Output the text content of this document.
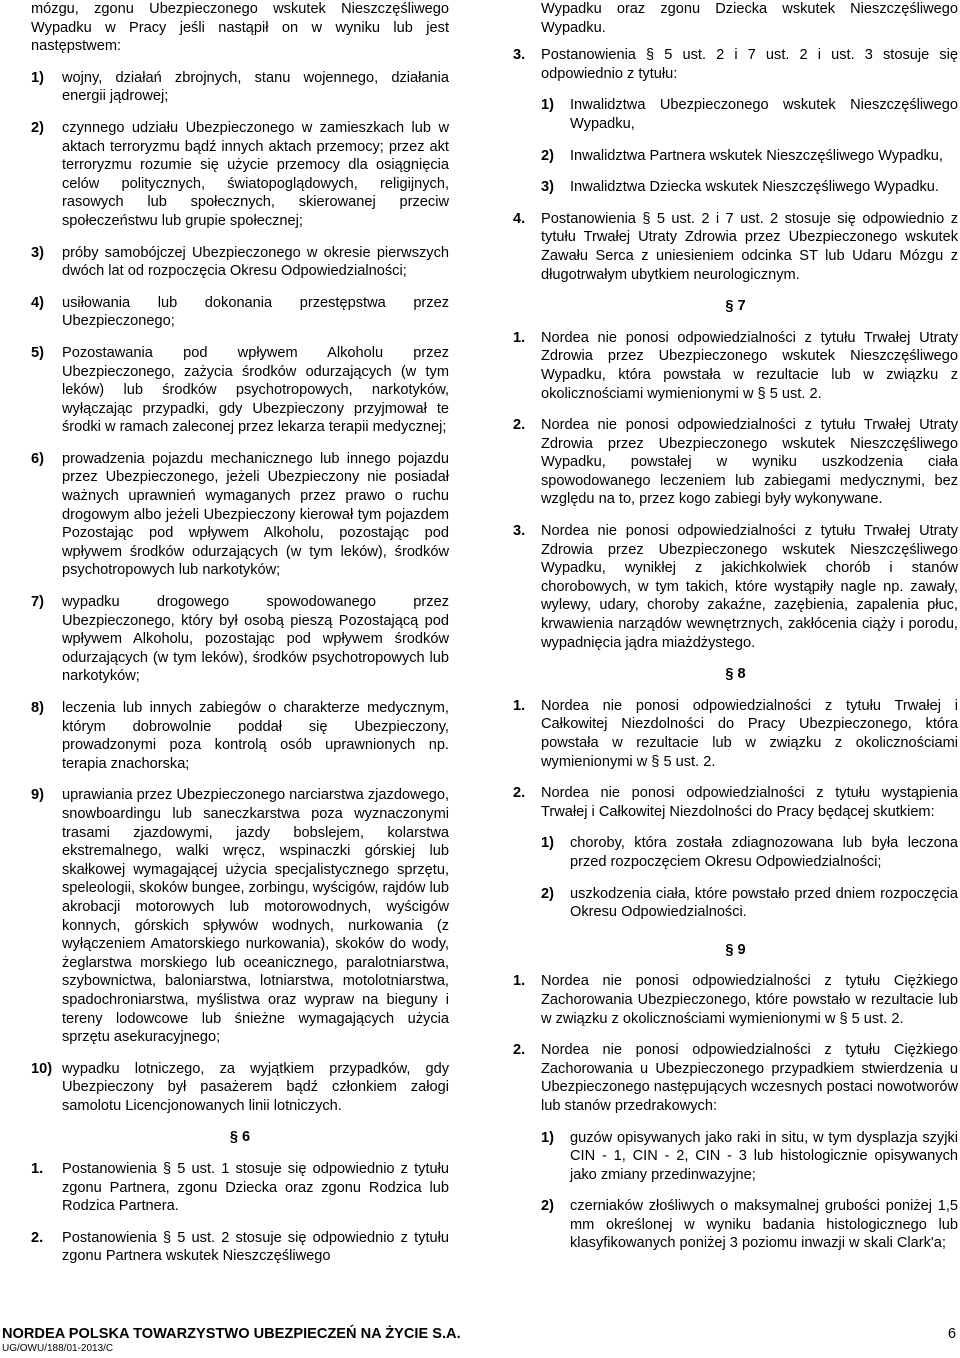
mózgu, zgonu Ubezpieczonego wskutek Nieszczęśliwego Wypadku w Pracy jeśli nastąpił on w wyniku lub jest następstwem:

1)	wojny, działań zbrojnych, stanu wojennego, działania energii jądrowej;

2)	czynnego udziału Ubezpieczonego w zamieszkach lub w aktach terroryzmu bądź innych aktach przemocy; przez akt terroryzmu rozumie się użycie przemocy dla osiągnięcia celów politycznych, światopoglądowych, religijnych, rasowych lub społecznych, skierowanej przeciw społeczeństwu lub grupie społecznej;

3)	próby samobójczej Ubezpieczonego w okresie pierwszych dwóch lat od rozpoczęcia Okresu Odpowiedzialności;

4)	usiłowania lub dokonania przestępstwa przez Ubezpieczonego;

5)	Pozostawania pod wpływem Alkoholu przez Ubezpieczonego, zażycia środków odurzających (w tym leków) lub środków psychotropowych, narkotyków, wyłączając przypadki, gdy Ubezpieczony przyjmował te środki w ramach zaleconej przez lekarza terapii medycznej;

6)	prowadzenia pojazdu mechanicznego lub innego pojazdu przez Ubezpieczonego, jeżeli Ubezpieczony nie posiadał ważnych uprawnień wymaganych przez prawo o ruchu drogowym albo jeżeli Ubezpieczony kierował tym pojazdem Pozostając pod wpływem Alkoholu, pozostając pod wpływem środków odurzających (w tym leków), środków psychotropowych lub narkotyków;

7)	wypadku drogowego spowodowanego przez Ubezpieczonego, który był osobą pieszą Pozostającą pod wpływem Alkoholu, pozostając pod wpływem środków odurzających (w tym leków), środków psychotropowych lub narkotyków;

8)	leczenia lub innych zabiegów o charakterze medycznym, którym dobrowolnie poddał się Ubezpieczony, prowadzonymi poza kontrolą osób uprawnionych np. terapia znachorska;

9)	uprawiania przez Ubezpieczonego narciarstwa zjazdowego, snowboardingu lub saneczkarstwa poza wyznaczonymi trasami zjazdowymi, jazdy bobslejem, kolarstwa ekstremalnego, walki wręcz, wspinaczki górskiej lub skałkowej wymagającej użycia specjalistycznego sprzętu, speleologii, skoków bungee, zorbingu, wyścigów, rajdów lub akrobacji motorowych lub motorowodnych, wyścigów konnych, górskich spływów wodnych, nurkowania (z wyłączeniem Amatorskiego nurkowania), skoków do wody, żeglarstwa morskiego lub oceanicznego, paralotniarstwa, szybownictwa, baloniarstwa, lotniarstwa, motolotniarstwa, spadochroniarstwa, myślistwa oraz wypraw na bieguny i tereny lodowcowe lub śnieżne wymagających użycia sprzętu asekuracyjnego;

10) wypadku lotniczego, za wyjątkiem przypadków, gdy Ubezpieczony był pasażerem bądź członkiem załogi samolotu Licencjonowanych linii lotniczych.

§ 6
1.	Postanowienia § 5 ust. 1 stosuje się odpowiednio z tytułu zgonu Partnera, zgonu Dziecka oraz zgonu Rodzica lub Rodzica Partnera.

2.	Postanowienia § 5 ust. 2 stosuje się odpowiednio z tytułu zgonu Partnera wskutek Nieszczęśliwego

Wypadku oraz zgonu Dziecka wskutek Nieszczęśliwego Wypadku.

3.	Postanowienia § 5 ust. 2 i 7 ust. 2 i ust. 3 stosuje się odpowiednio z tytułu:

1)	Inwalidztwa Ubezpieczonego wskutek Nieszczęśliwego Wypadku,
2)	Inwalidztwa Partnera wskutek Nieszczęśliwego Wypadku,
3)	Inwalidztwa Dziecka wskutek Nieszczęśliwego Wypadku.
4.	Postanowienia § 5 ust. 2 i 7 ust. 2 stosuje się odpowiednio z tytułu Trwałej Utraty Zdrowia przez Ubezpieczonego wskutek Zawału Serca z uniesieniem odcinka ST lub Udaru Mózgu z długotrwałym ubytkiem neurologicznym.

§ 7
1.	Nordea nie ponosi odpowiedzialności z tytułu Trwałej Utraty Zdrowia przez Ubezpieczonego wskutek Nieszczęśliwego Wypadku, która powstała w rezultacie lub w związku z okolicznościami wymienionymi w § 5 ust. 2.

2.	Nordea nie ponosi odpowiedzialności z tytułu Trwałej Utraty Zdrowia przez Ubezpieczonego wskutek Nieszczęśliwego Wypadku, powstałej w wyniku uszkodzenia ciała spowodowanego leczeniem lub zabiegami medycznymi, bez względu na to, przez kogo zabiegi były wykonywane.

3.	Nordea nie ponosi odpowiedzialności z tytułu Trwałej Utraty Zdrowia przez Ubezpieczonego wskutek Nieszczęśliwego Wypadku, wynikłej z jakichkolwiek chorób i stanów chorobowych, w tym takich, które wystąpiły nagle np. zawały, wylewy, udary, choroby zakaźne, zazębienia, zapalenia płuc, krwawienia narządów wewnętrznych, zakłócenia ciąży i porodu, wypadnięcia jądra miażdżystego.

§ 8
1.	Nordea nie ponosi odpowiedzialności z tytułu Trwałej i Całkowitej Niezdolności do Pracy Ubezpieczonego, która powstała w rezultacie lub w związku z okolicznościami wymienionymi w § 5 ust. 2.

2.	Nordea nie ponosi odpowiedzialności z tytułu wystąpienia Trwałej i Całkowitej Niezdolności do Pracy będącej skutkiem:

1)	choroby, która została zdiagnozowana lub była leczona przed rozpoczęciem Okresu Odpowiedzialności;
2)	uszkodzenia ciała, które powstało przed dniem rozpoczęcia Okresu Odpowiedzialności.
§ 9
1.	Nordea nie ponosi odpowiedzialności z tytułu Ciężkiego Zachorowania Ubezpieczonego, które powstało w rezultacie lub w związku z okolicznościami wymienionymi w § 5 ust. 2.

2.	Nordea nie ponosi odpowiedzialności z tytułu Ciężkiego Zachorowania u Ubezpieczonego przypadkiem stwierdzenia u Ubezpieczonego następujących wczesnych postaci nowotworów lub stanów przedrakowych:

1)	guzów opisywanych jako raki in situ, w tym dysplazja szyjki CIN - 1, CIN - 2, CIN - 3 lub histologicznie opisywanych jako zmiany przedinwazyjne;
2)	czerniaków złośliwych o maksymalnej grubości poniżej 1,5 mm określonej w wyniku badania histologicznego lub klasyfikowanych poniżej 3 poziomu inwazji w skali Clark'a;
NORDEA POLSKA TOWARZYSTWO UBEZPIECZEŃ NA ŻYCIE S.A.
UG/OWU/188/01-2013/C
6
